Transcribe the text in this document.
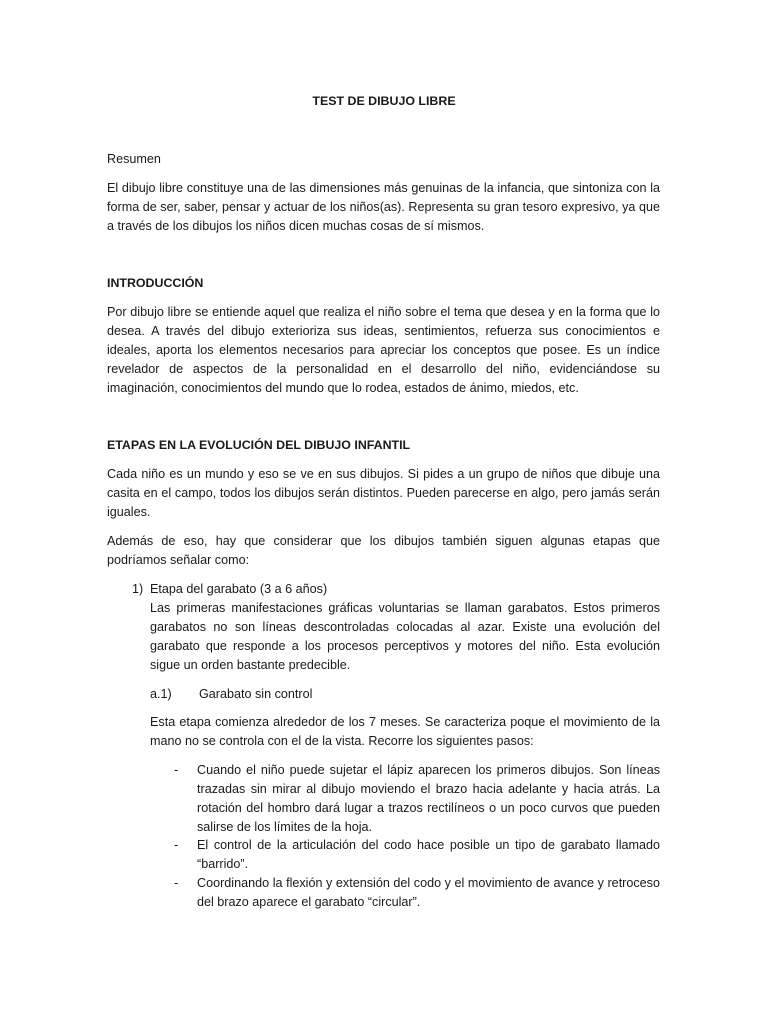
TEST DE DIBUJO LIBRE
Resumen
El dibujo libre constituye una de las dimensiones más genuinas de la infancia, que sintoniza con la forma de ser, saber, pensar y actuar de los niños(as). Representa su gran tesoro expresivo, ya que a través de los dibujos los niños dicen muchas cosas de sí mismos.
INTRODUCCIÓN
Por dibujo libre se entiende aquel que realiza el niño sobre el tema que desea y en la forma que lo desea. A través del dibujo exterioriza sus ideas, sentimientos, refuerza sus conocimientos e ideales, aporta los elementos necesarios para apreciar los conceptos que posee. Es un índice revelador de aspectos de la personalidad en el desarrollo del niño, evidenciándose su imaginación, conocimientos del mundo que lo rodea, estados de ánimo, miedos, etc.
ETAPAS EN LA EVOLUCIÓN DEL DIBUJO INFANTIL
Cada niño es un mundo y eso se ve en sus dibujos. Si pides a un grupo de niños que dibuje una casita en el campo, todos los dibujos serán distintos. Pueden parecerse en algo, pero jamás serán iguales.
Además de eso, hay que considerar que los dibujos también siguen algunas etapas que podríamos señalar como:
1) Etapa del garabato (3 a 6 años)
Las primeras manifestaciones gráficas voluntarias se llaman garabatos. Estos primeros garabatos no son líneas descontroladas colocadas al azar. Existe una evolución del garabato que responde a los procesos perceptivos y motores del niño. Esta evolución sigue un orden bastante predecible.
a.1) Garabato sin control
Esta etapa comienza alrededor de los 7 meses. Se caracteriza poque el movimiento de la mano no se controla con el de la vista. Recorre los siguientes pasos:
- Cuando el niño puede sujetar el lápiz aparecen los primeros dibujos. Son líneas trazadas sin mirar al dibujo moviendo el brazo hacia adelante y hacia atrás. La rotación del hombro dará lugar a trazos rectilíneos o un poco curvos que pueden salirse de los límites de la hoja.
- El control de la articulación del codo hace posible un tipo de garabato llamado “barrido”.
- Coordinando la flexión y extensión del codo y el movimiento de avance y retroceso del brazo aparece el garabato “circular”.
